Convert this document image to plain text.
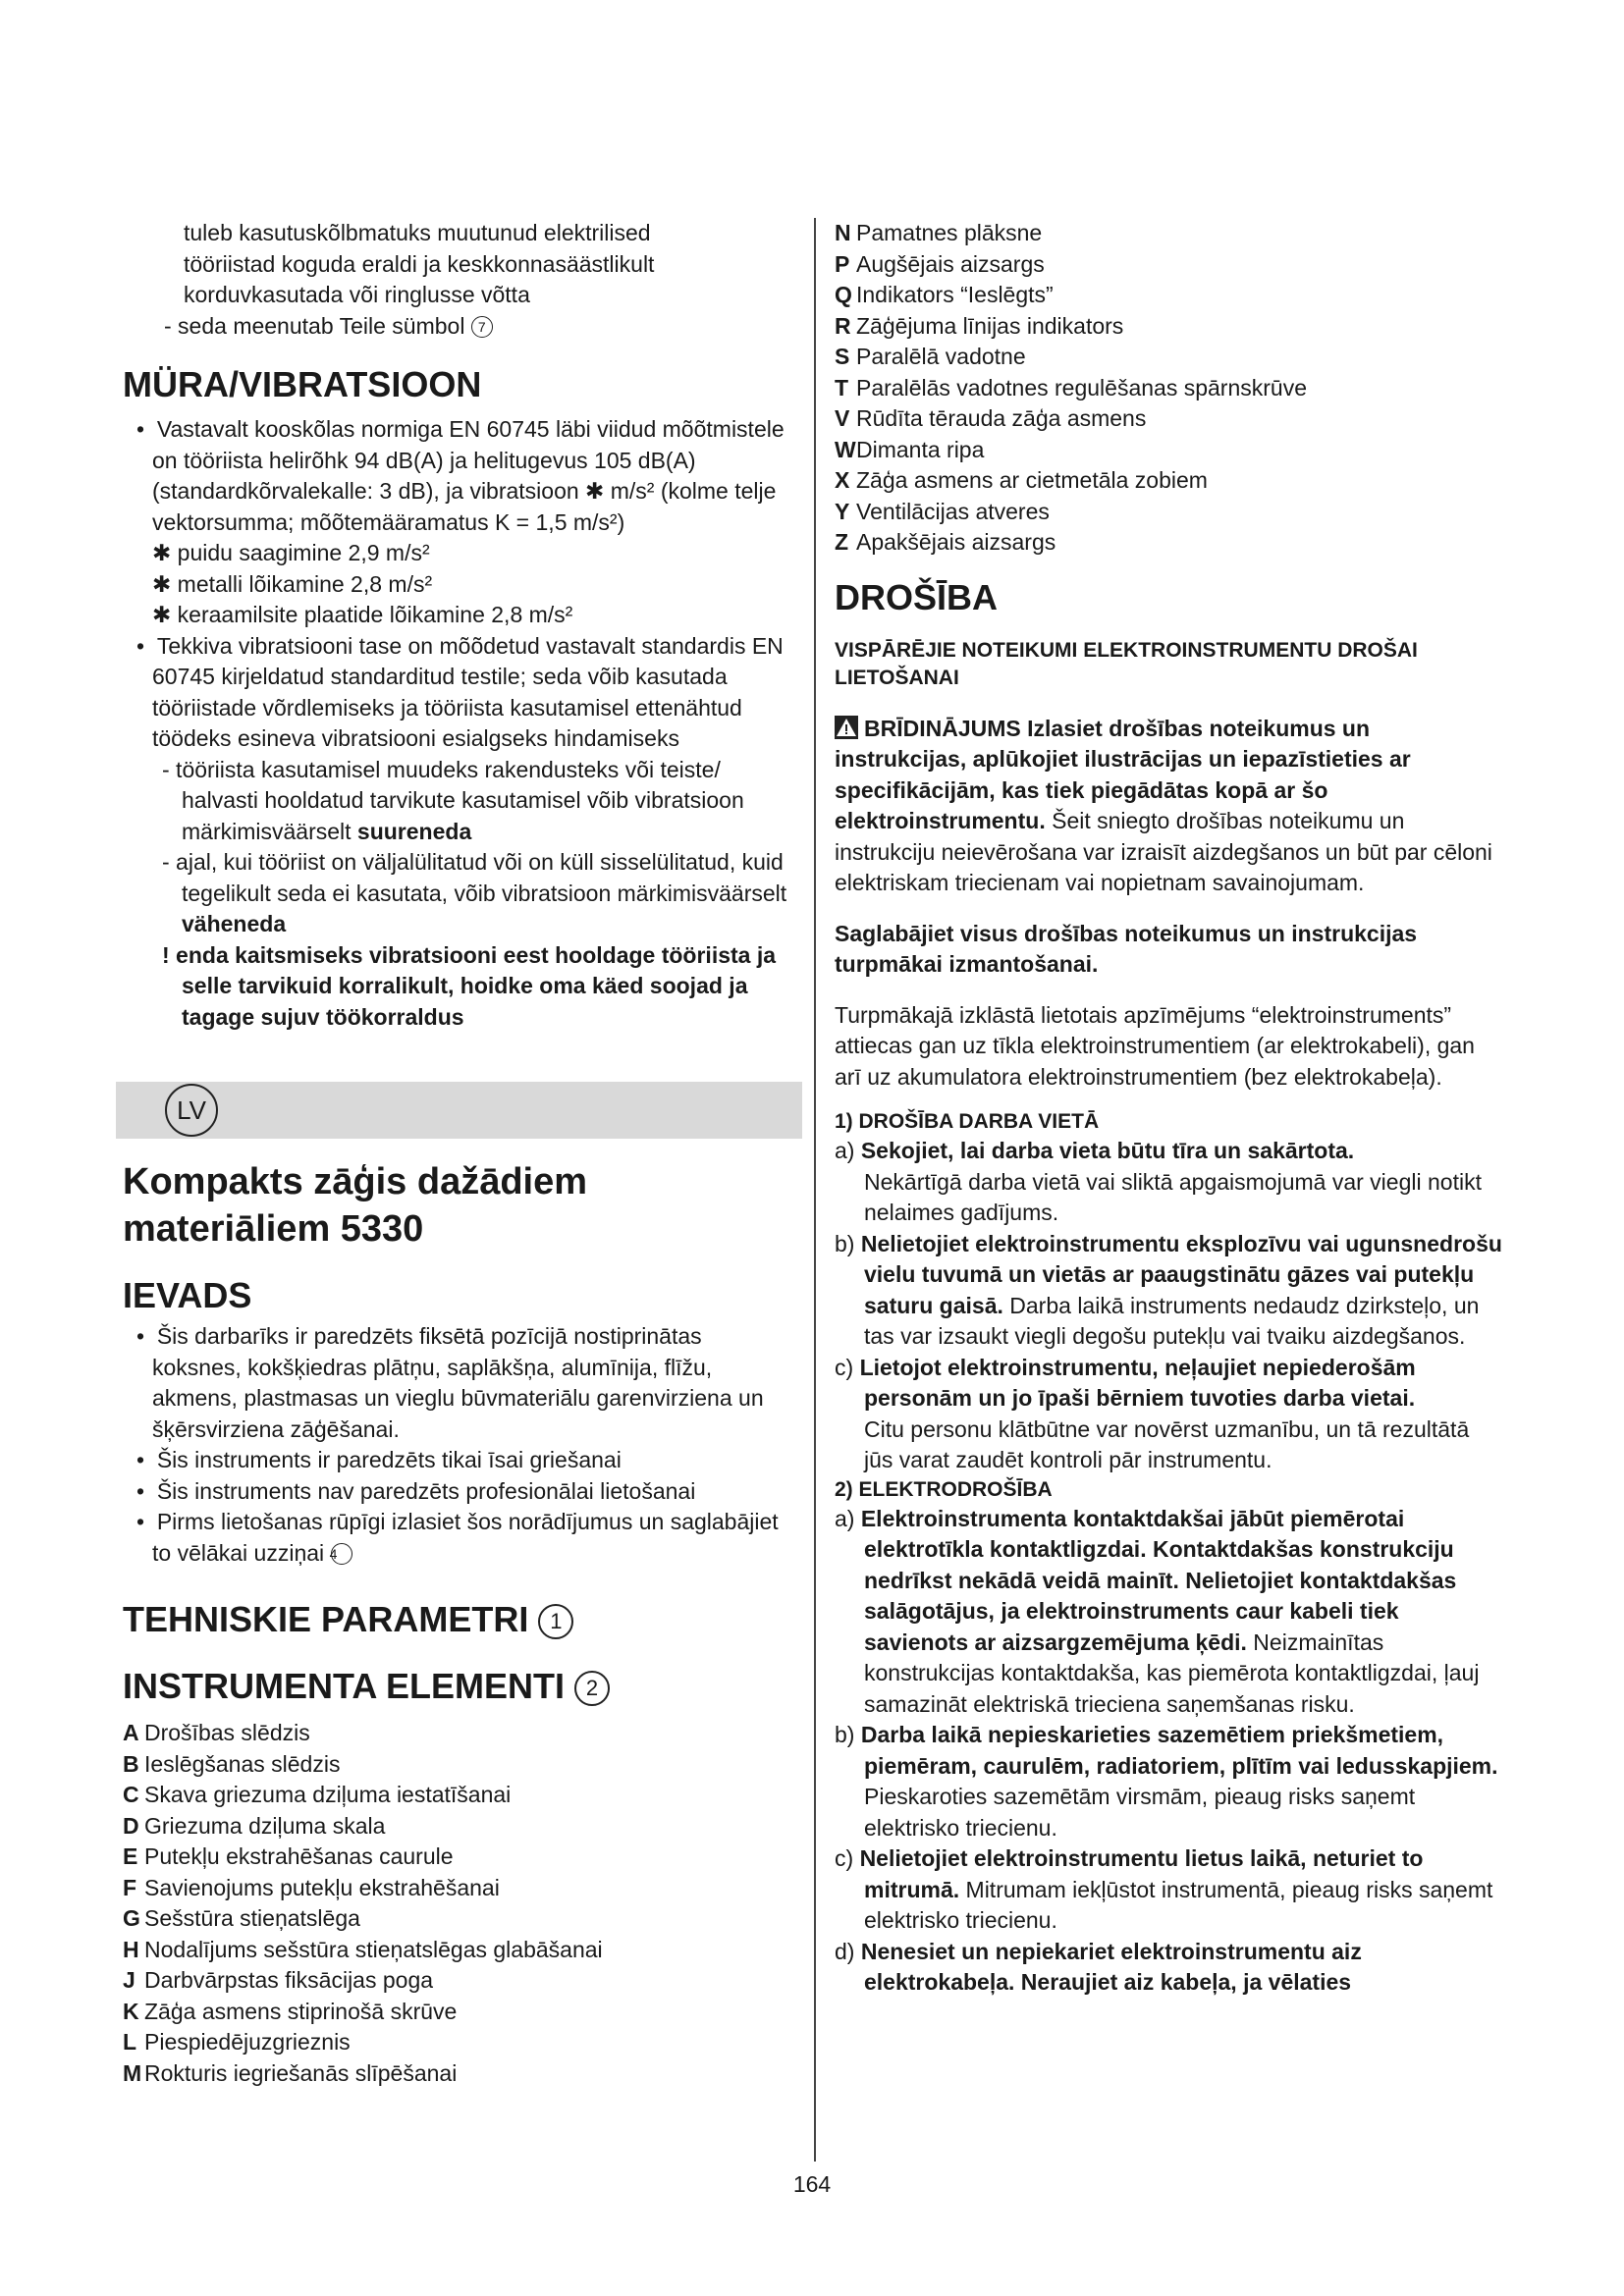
tuleb kasutuskõlbmatuks muutunud elektrilised

tööriistad koguda eraldi ja keskkonnasäästlikult

korduvkasutada või ringlusse võtta

- seda meenutab Teile sümbol 7

MÜRA/VIBRATSIOON

•  Vastavalt kooskõlas normiga EN 60745 läbi viidud mõõtmistele on tööriista helirõhk 94 dB(A) ja helitugevus 105 dB(A) (standardkõrvalekalle: 3 dB), ja vibratsioon ✱ m/s² (kolme telje vektorsumma; mõõtemääramatus K = 1,5 m/s²)

✱ puidu saagimine 2,9 m/s²

✱ metalli lõikamine 2,8 m/s²

✱ keraamilsite plaatide lõikamine 2,8 m/s²

•  Tekkiva vibratsiooni tase on mõõdetud vastavalt standardis EN 60745 kirjeldatud standarditud testile; seda võib kasutada tööriistade võrdlemiseks ja tööriista kasutamisel ettenähtud töödeks esineva vibratsiooni esialgseks hindamiseks

- tööriista kasutamisel muudeks rakendusteks või teiste/ halvasti hooldatud tarvikute kasutamisel võib vibratsioon märkimisväärselt suureneda

- ajal, kui tööriist on väljalülitatud või on küll sisselülitatud, kuid tegelikult seda ei kasutata, võib vibratsioon märkimisväärselt väheneda

! enda kaitsmiseks vibratsiooni eest hooldage tööriista ja selle tarvikuid korralikult, hoidke oma käed soojad ja tagage sujuv töökorraldus

LV

Kompakts zāģis dažādiem

materiāliem 5330

IEVADS

•  Šis darbarīks ir paredzēts fiksētā pozīcijā nostiprinātas koksnes, kokšķiedras plātņu, saplākšņa, alumīnija, flīžu, akmens, plastmasas un vieglu būvmateriālu garenvirziena un šķērsvirziena zāģēšanai.

•  Šis instruments ir paredzēts tikai īsai griešanai

•  Šis instruments nav paredzēts profesionālai lietošanai

•  Pirms lietošanas rūpīgi izlasiet šos norādījumus un saglabājiet to vēlākai uzziņai 4

TEHNISKIE PARAMETRI 1
INSTRUMENTA ELEMENTI 2
A Drošības slēdzis
B Ieslēgšanas slēdzis
C Skava griezuma dziļuma iestatīšanai
D Griezuma dziļuma skala
E Putekļu ekstrahēšanas caurule
F Savienojums putekļu ekstrahēšanai
G Sešstūra stieņatslēga
H Nodalījums sešstūra stieņatslēgas glabāšanai
J Darbvārpstas fiksācijas poga
K Zāģa asmens stiprinošā skrūve
L Piespiedējuzgrieznis
M Rokturis iegriešanās slīpēšanai
N Pamatnes plāksne
P Augšējais aizsargs
Q Indikators “Ieslēgts”
R Zāģējuma līnijas indikators
S Paralēlā vadotne
T Paralēlās vadotnes regulēšanas spārnskrūve
V Rūdīta tērauda zāģa asmens
WDimanta ripa
X Zāģa asmens ar cietmetāla zobiem
Y Ventilācijas atveres
Z Apakšējais aizsargs
DROŠĪBA

VISPĀRĒJIE NOTEIKUMI ELEKTROINSTRUMENTU DROŠAI LIETOŠANAI

BRĪDINĀJUMS Izlasiet drošības noteikumus un instrukcijas, aplūkojiet ilustrācijas un iepazīstieties ar specifikācijām, kas tiek piegādātas kopā ar šo elektroinstrumentu. Šeit sniegto drošības noteikumu un instrukciju neievērošana var izraisīt aizdegšanos un būt par cēloni elektriskam triecienam vai nopietnam savainojumam.

Saglabājiet visus drošības noteikumus un instrukcijas turpmākai izmantošanai.

Turpmākajā izklāstā lietotais apzīmējums “elektroinstruments” attiecas gan uz tīkla elektroinstrumentiem (ar elektrokabeli), gan arī uz akumulatora elektroinstrumentiem (bez elektrokabeļa).

1) DROŠĪBA DARBA VIETĀ

a) Sekojiet, lai darba vieta būtu tīra un sakārtota.

Nekārtīgā darba vietā vai sliktā apgaismojumā var viegli notikt nelaimes gadījums.

b) Nelietojiet elektroinstrumentu eksplozīvu vai ugunsnedrošu vielu tuvumā un vietās ar paaugstinātu gāzes vai putekļu saturu gaisā. Darba laikā instruments nedaudz dzirksteļo, un tas var izsaukt viegli degošu putekļu vai tvaiku aizdegšanos.

c) Lietojot elektroinstrumentu, neļaujiet nepiederošām personām un jo īpaši bērniem tuvoties darba vietai.

Citu personu klātbūtne var novērst uzmanību, un tā rezultātā jūs varat zaudēt kontroli pār instrumentu.

2) ELEKTRODROŠĪBA

a) Elektroinstrumenta kontaktdakšai jābūt piemērotai elektrotīkla kontaktligzdai. Kontaktdakšas konstrukciju nedrīkst nekādā veidā mainīt. Nelietojiet kontaktdakšas salāgotājus, ja elektroinstruments caur kabeli tiek savienots ar aizsargzemējuma ķēdi. Neizmainītas konstrukcijas kontaktdakša, kas piemērota kontaktligzdai, ļauj samazināt elektriskā trieciena saņemšanas risku.

b) Darba laikā nepieskarieties sazemētiem priekšmetiem, piemēram, caurulēm, radiatoriem, plītīm vai ledusskapjiem. Pieskaroties sazemētām virsmām, pieaug risks saņemt elektrisko triecienu.

c) Nelietojiet elektroinstrumentu lietus laikā, neturiet to mitrumā. Mitrumam iekļūstot instrumentā, pieaug risks saņemt elektrisko triecienu.

d) Nenesiet un nepiekariet elektroinstrumentu aiz elektrokabeļa. Neraujiet aiz kabeļa, ja vēlaties

164
